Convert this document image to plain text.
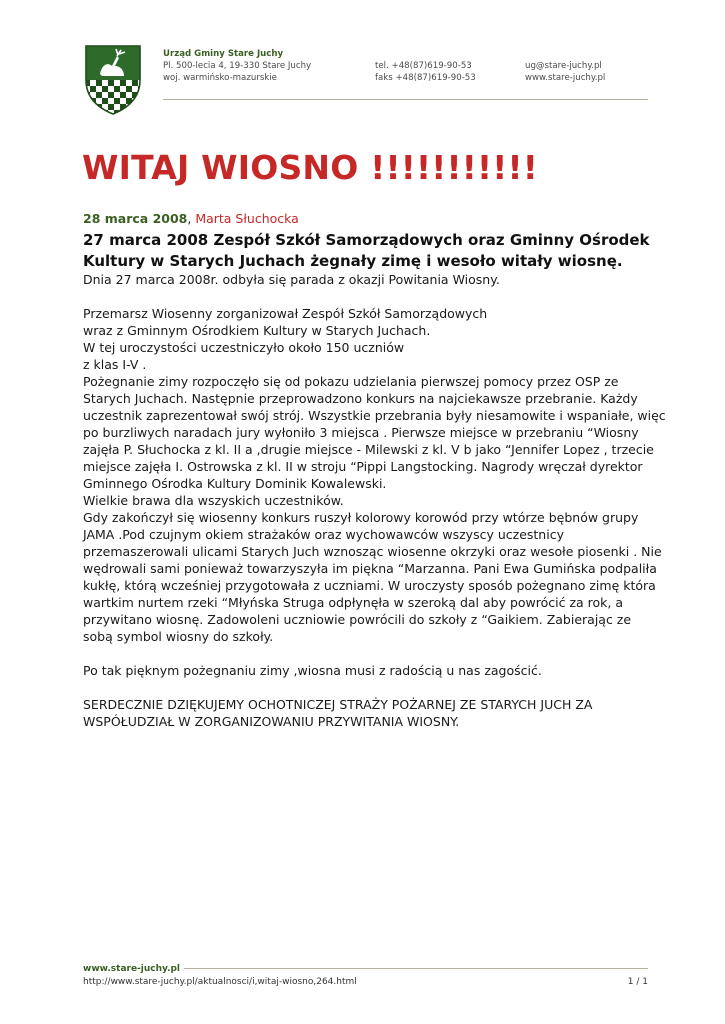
Urząd Gminy Stare Juchy
Pl. 500-lecia 4, 19-330 Stare Juchy
woj. warmińsko-mazurskie
tel. +48(87)619-90-53
faks +48(87)619-90-53
ug@stare-juchy.pl
www.stare-juchy.pl
WITAJ WIOSNO !!!!!!!!!!!
28 marca 2008, Marta Słuchocka
27 marca 2008 Zespół Szkół Samorządowych oraz Gminny Ośrodek
Kultury w Starych Juchach żegnały zimę i wesoło witały wiosnę.
Dnia 27 marca 2008r. odbyła się parada z okazji Powitania Wiosny.
Przemarsz Wiosenny zorganizował Zespół Szkół Samorządowych
wraz z Gminnym Ośrodkiem Kultury w Starych Juchach.
W tej uroczystości uczestniczyło około 150 uczniów
z klas I-V .
Pożegnanie zimy rozpoczęło się od pokazu udzielania pierwszej pomocy przez OSP ze
Starych Juchach. Następnie przeprowadzono konkurs na najciekawsze przebranie. Każdy
uczestnik zaprezentował swój strój. Wszystkie przebrania były niesamowite i wspaniałe, więc
po burzliwych naradach jury wyłoniło 3 miejsca . Pierwsze miejsce w przebraniu “Wiosny
zajęła P. Słuchocka z kl. II a ,drugie miejsce - Milewski z kl. V b jako “Jennifer Lopez , trzecie
miejsce zajęła I. Ostrowska z kl. II w stroju “Pippi Langstocking. Nagrody wręczał dyrektor
Gminnego Ośrodka Kultury Dominik Kowalewski.
Wielkie brawa dla wszyskich uczestników.
Gdy zakończył się wiosenny konkurs ruszył kolorowy korowód przy wtórze bębnów grupy
JAMA .Pod czujnym okiem strażaków oraz wychowawców wszyscy uczestnicy
przemaszerowali ulicami Starych Juch wznosząc wiosenne okrzyki oraz wesołe piosenki . Nie
wędrowali sami ponieważ towarzyszyła im piękna “Marzanna. Pani Ewa Gumińska podpaliła
kukłę, którą wcześniej przygotowała z uczniami. W uroczysty sposób pożegnano zimę która
wartkim nurtem rzeki “Młyńska Struga odpłynęła w szeroką dal aby powrócić za rok, a
przywitano wiosnę. Zadowoleni uczniowie powrócili do szkoły z “Gaikiem. Zabierając ze
sobą symbol wiosny do szkoły.
Po tak pięknym pożegnaniu zimy ,wiosna musi z radością u nas zagościć.
SERDECZNIE DZIĘKUJEMY OCHOTNICZEJ STRAŻY POŻARNEJ ZE STARYCH JUCH ZA
WSPÓŁUDZIAŁ W ZORGANIZOWANIU PRZYWITANIA WIOSNY.
www.stare-juchy.pl
http://www.stare-juchy.pl/aktualnosci/i,witaj-wiosno,264.html	1 / 1
